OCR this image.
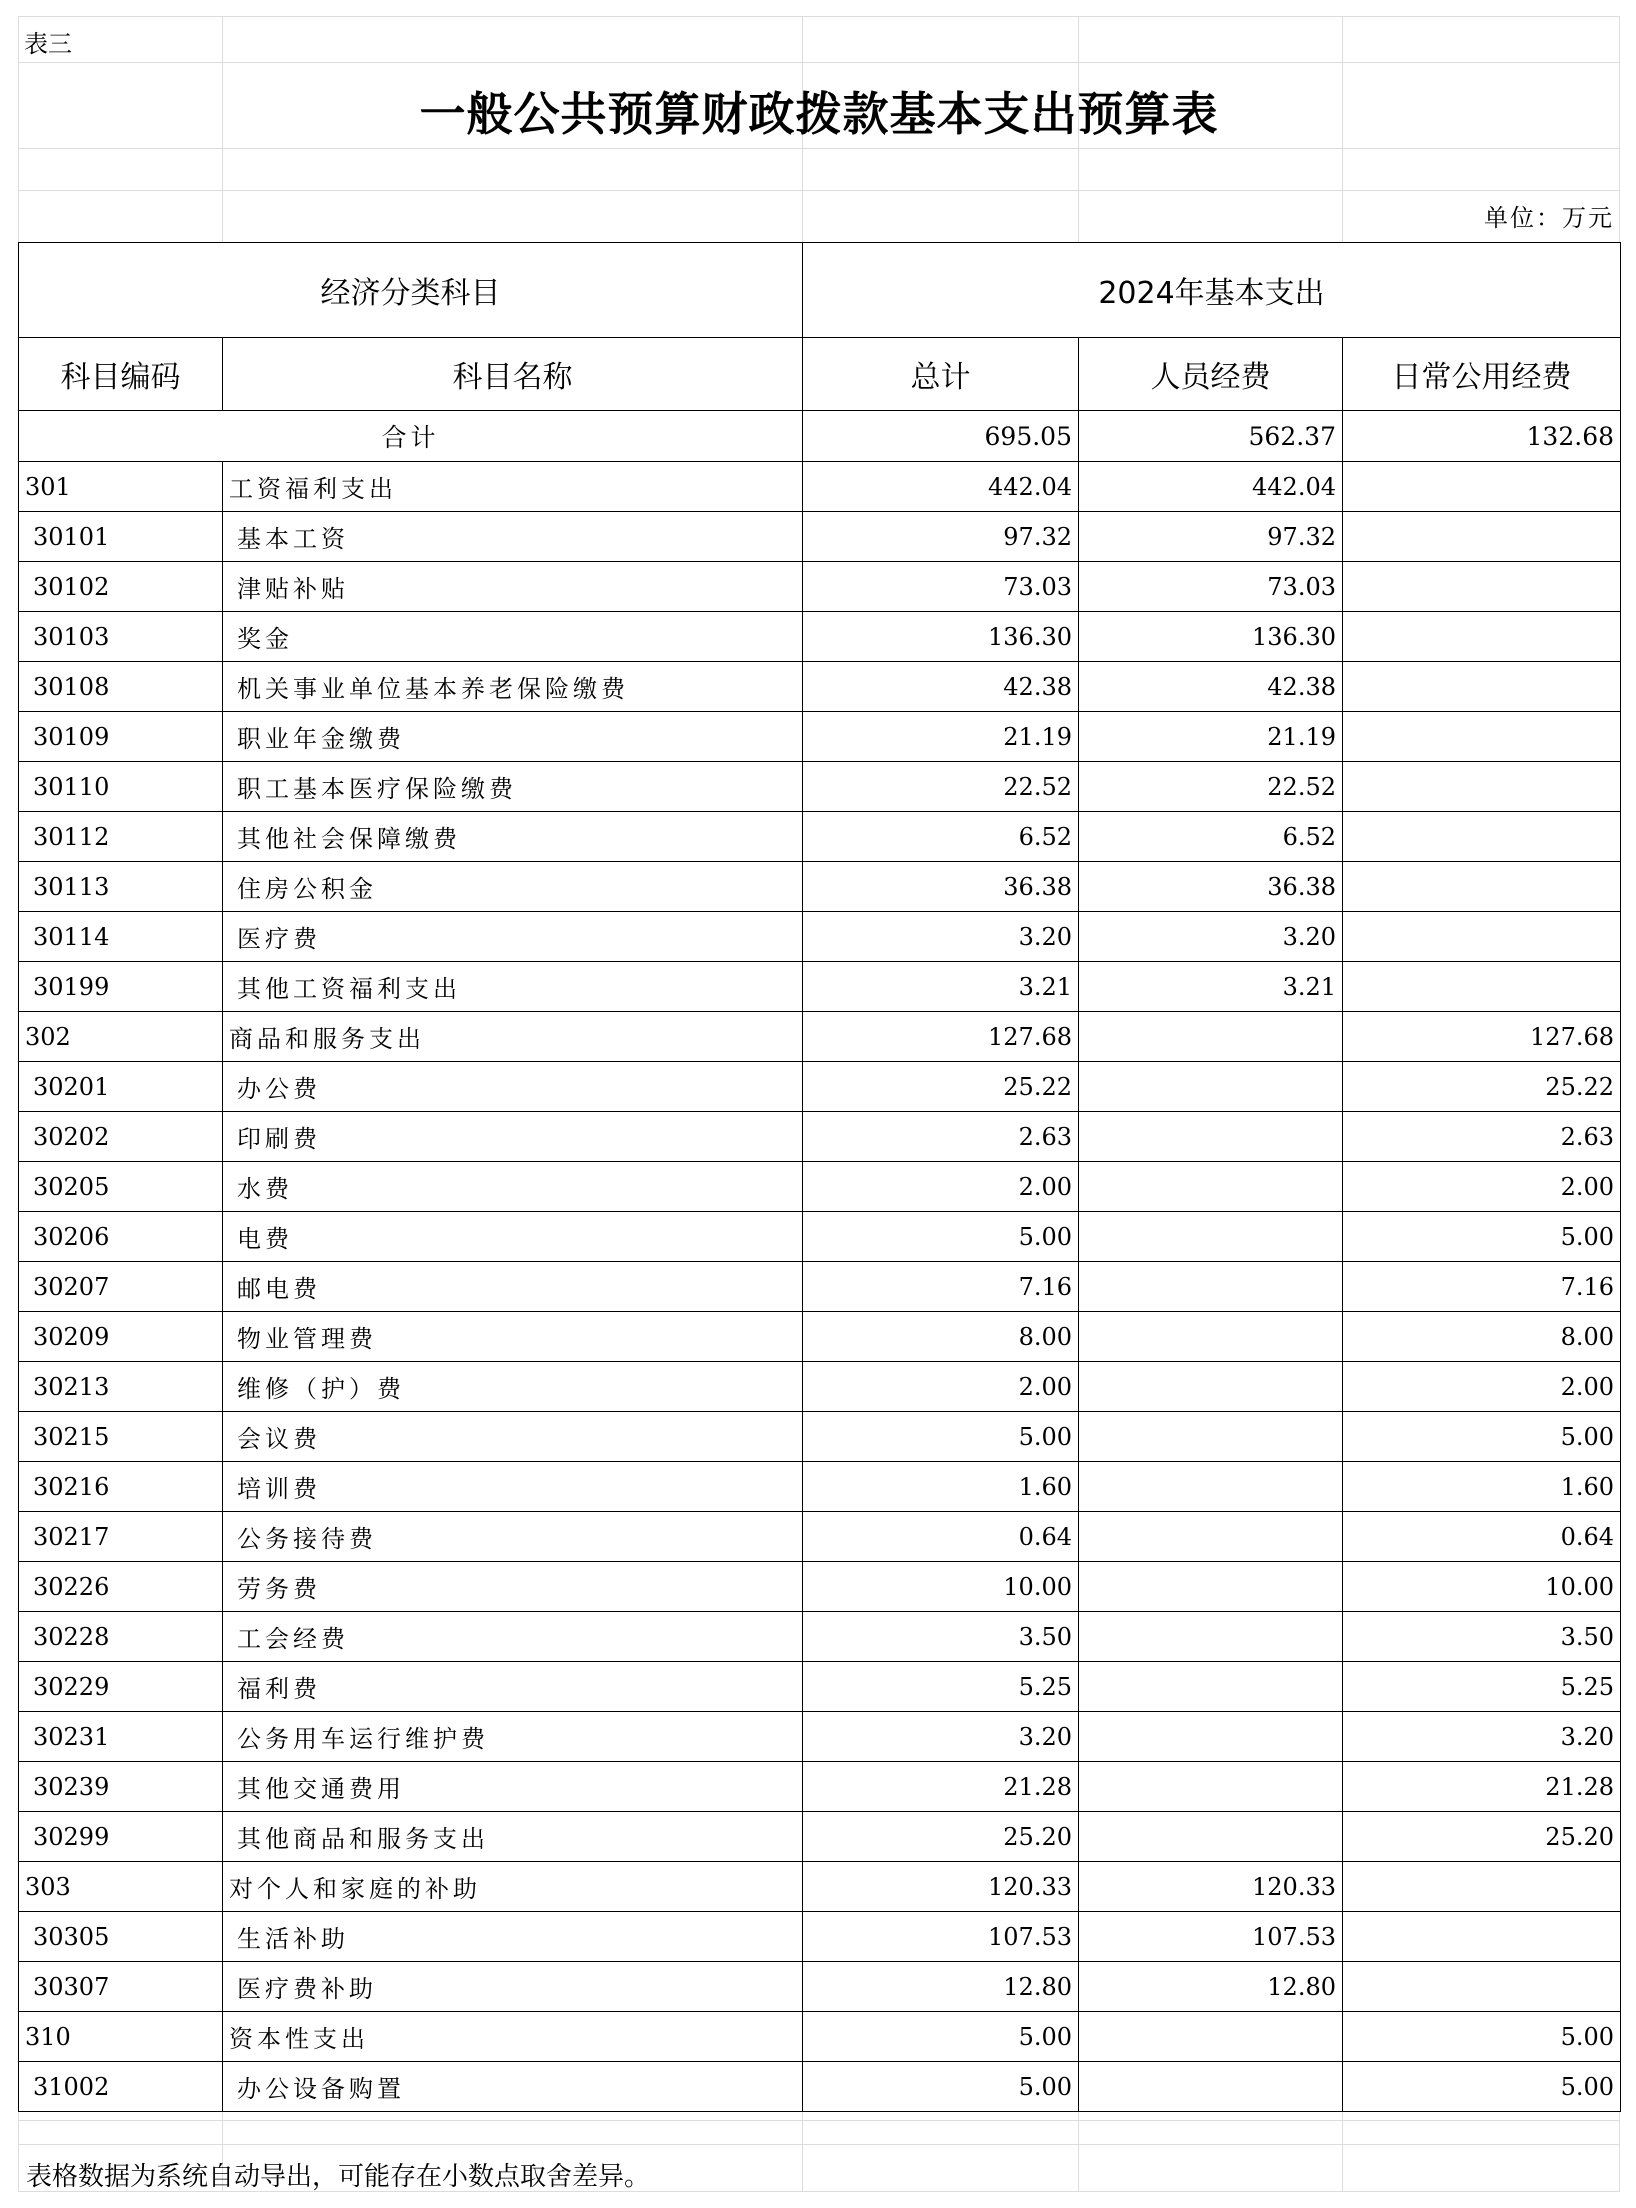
表三
一般公共预算财政拨款基本支出预算表
单位：万元
经济分类科目		2024年基本支出		
科目编码	科目名称	总计	人员经费	日常公用经费
合计		695.05	562.37	132.68
301	工资福利支出	442.04	442.04	
30101	基本工资	97.32	97.32	
30102	津贴补贴	73.03	73.03	
30103	奖金	136.30	136.30	
30108	机关事业单位基本养老保险缴费	42.38	42.38	
30109	职业年金缴费	21.19	21.19	
30110	职工基本医疗保险缴费	22.52	22.52	
30112	其他社会保障缴费	6.52	6.52	
30113	住房公积金	36.38	36.38	
30114	医疗费	3.20	3.20	
30199	其他工资福利支出	3.21	3.21	
302	商品和服务支出	127.68		127.68
30201	办公费	25.22		25.22
30202	印刷费	2.63		2.63
30205	水费	2.00		2.00
30206	电费	5.00		5.00
30207	邮电费	7.16		7.16
30209	物业管理费	8.00		8.00
30213	维修（护）费	2.00		2.00
30215	会议费	5.00		5.00
30216	培训费	1.60		1.60
30217	公务接待费	0.64		0.64
30226	劳务费	10.00		10.00
30228	工会经费	3.50		3.50
30229	福利费	5.25		5.25
30231	公务用车运行维护费	3.20		3.20
30239	其他交通费用	21.28		21.28
30299	其他商品和服务支出	25.20		25.20
303	对个人和家庭的补助	120.33	120.33	
30305	生活补助	107.53	107.53	
30307	医疗费补助	12.80	12.80	
310	资本性支出	5.00		5.00
31002	办公设备购置	5.00		5.00
表格数据为系统自动导出，可能存在小数点取舍差异。
